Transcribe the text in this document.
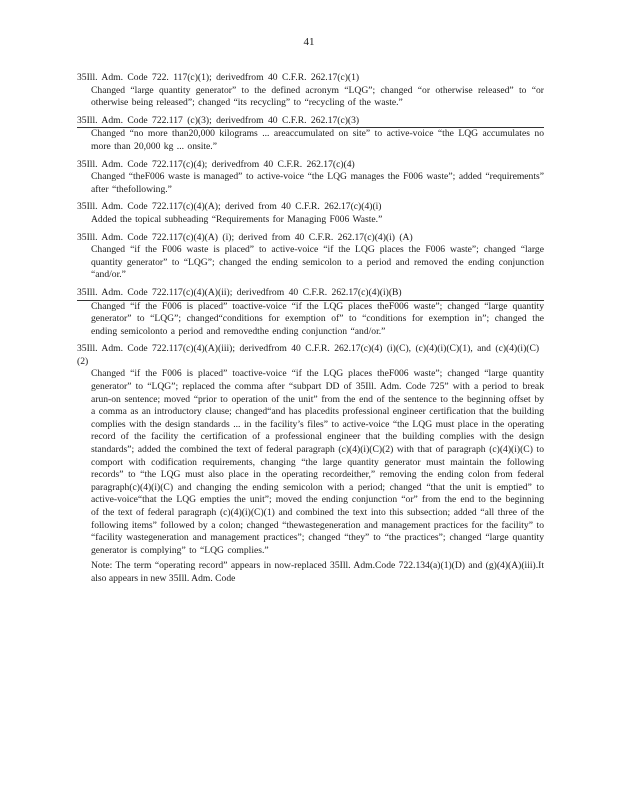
41
35Ill. Adm. Code 722. 117(c)(1); derivedfrom 40 C.F.R. 262.17(c)(1)
Changed “large quantity generator” to the defined acronym “LQG”; changed “or otherwise released” to “or otherwise being released”; changed “its recycling” to “recycling of the waste.”
35Ill. Adm. Code 722.117 (c)(3); derivedfrom 40 C.F.R. 262.17(c)(3)
Changed “no more than20,000 kilograms ... areaccumulated on site” to active-voice “the LQG accumulates no more than 20,000 kg ... onsite.”
35Ill. Adm. Code 722.117(c)(4); derivedfrom 40 C.F.R. 262.17(c)(4)
Changed “theF006 waste is managed” to active-voice “the LQG manages the F006 waste”; added “requirements” after “thefollowing.”
35Ill. Adm. Code 722.117(c)(4)(A); derived from 40 C.F.R. 262.17(c)(4)(i)
Added the topical subheading “Requirements for Managing F006 Waste.”
35Ill. Adm. Code 722.117(c)(4)(A) (i); derived from 40 C.F.R. 262.17(c)(4)(i) (A)
Changed “if the F006 waste is placed” to active-voice “if the LQG places the F006 waste”; changed “large quantity generator” to “LQG”; changed the ending semicolon to a period and removed the ending conjunction “and/or.”
35Ill. Adm. Code 722.117(c)(4)(A)(ii); derivedfrom 40 C.F.R. 262.17(c)(4)(i)(B)
Changed “if the F006 is placed” toactive-voice “if the LQG places theF006 waste”; changed “large quantity generator” to “LQG”; changed“conditions for exemption of” to “conditions for exemption in”; changed the ending semicolonto a period and removedthe ending conjunction “and/or.”
35Ill. Adm. Code 722.117(c)(4)(A)(iii); derivedfrom 40 C.F.R. 262.17(c)(4) (i)(C), (c)(4)(i)(C)(1), and (c)(4)(i)(C)(2)
Changed “if the F006 is placed” toactive-voice “if the LQG places theF006 waste”; changed “large quantity generator” to “LQG”; replaced the comma after “subpart DD of 35Ill. Adm. Code 725” with a period to break arun-on sentence; moved “prior to operation of the unit” from the end of the sentence to the beginning offset by a comma as an introductory clause; changed“and has placedits professional engineer certification that the building complies with the design standards ... in the facility’s files” to active-voice “the LQG must place in the operating record of the facility the certification of a professional engineer that the building complies with the design standards”; added the combined the text of federal paragraph (c)(4)(i)(C)(2) with that of paragraph (c)(4)(i)(C) to comport with codification requirements, changing “the large quantity generator must maintain the following records” to “the LQG must also place in the operating recordeither,” removing the ending colon from federal paragraph(c)(4)(i)(C) and changing the ending semicolon with a period; changed “that the unit is emptied” to active-voice“that the LQG empties the unit”; moved the ending conjunction “or” from the end to the beginning of the text of federal paragraph (c)(4)(i)(C)(1) and combined the text into this subsection; added “all three of the following items” followed by a colon; changed “thewastegeneration and management practices for the facility” to “facility wastegeneration and management practices”; changed “they” to “the practices”; changed “large quantity generator is complying” to “LQG complies.”
Note: The term “operating record” appears in now-replaced 35Ill. Adm.Code 722.134(a)(1)(D) and (g)(4)(A)(iii).It also appears in new 35Ill. Adm. Code
